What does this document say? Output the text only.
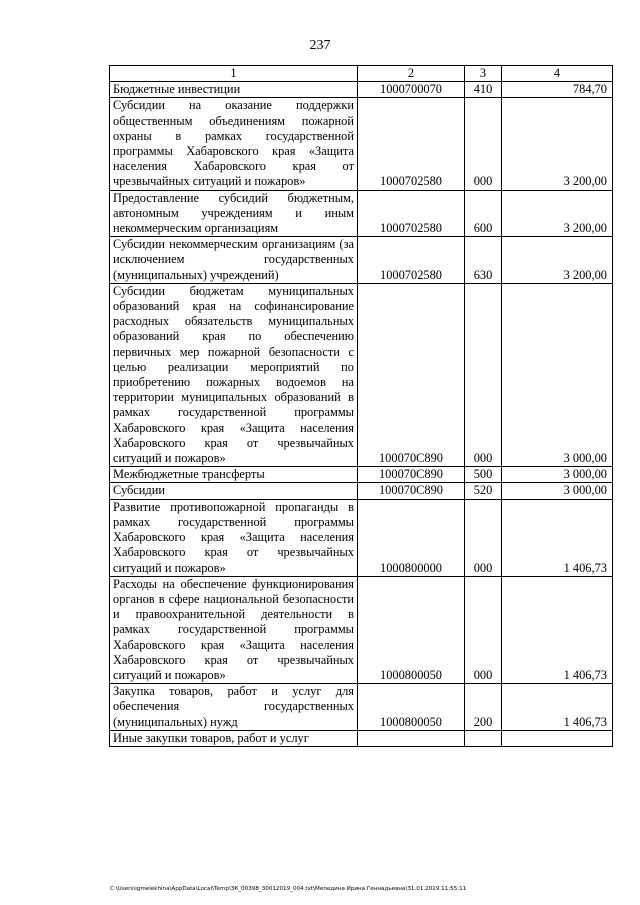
237
1	2	3	4
Бюджетные инвестиции	1000700070	410	784,70
Субсидии на оказание поддержки общественным объединениям пожарной охраны в рамках государственной программы Хабаровского края «Защита населения Хабаровского края от чрезвычайных ситуаций и пожаров»	1000702580	000	3 200,00
Предоставление субсидий бюджетным, автономным учреждениям и иным некоммерческим организациям	1000702580	600	3 200,00
Субсидии некоммерческим организациям (за исключением государственных (муниципальных) учреждений)	1000702580	630	3 200,00
Субсидии бюджетам муниципальных образований края на софинансирование расходных обязательств муниципальных образований края по обеспечению первичных мер пожарной безопасности с целью реализации мероприятий по приобретению пожарных водоемов на территории муниципальных образований в рамках государственной программы Хабаровского края «Защита населения Хабаровского края от чрезвычайных ситуаций и пожаров»	100070С890	000	3 000,00
Межбюджетные трансферты	100070С890	500	3 000,00
Субсидии	100070С890	520	3 000,00
Развитие противопожарной пропаганды в рамках государственной программы Хабаровского края «Защита населения Хабаровского края от чрезвычайных ситуаций и пожаров»	1000800000	000	1 406,73
Расходы на обеспечение функционирования органов в сфере национальной безопасности и правоохранительной деятельности в рамках государственной программы Хабаровского края «Защита населения Хабаровского края от чрезвычайных ситуаций и пожаров»	1000800050	000	1 406,73
Закупка товаров, работ и услуг для обеспечения государственных (муниципальных) нужд	1000800050	200	1 406,73
Иные закупки товаров, работ и услуг			
C:\Users\igmelekhina\AppData\Local\Temp\ЗК_00398_30012019_004.txt\Меледина Ирина Геннадьевна\31.01.2019 11:55:11
